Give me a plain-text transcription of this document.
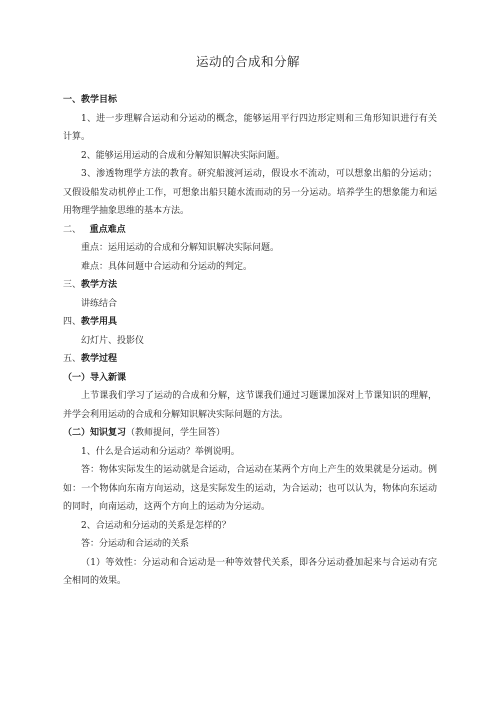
运动的合成和分解

一、教学目标

1、进一步理解合运动和分运动的概念，能够运用平行四边形定则和三角形知识进行有关计算。

2、能够运用运动的合成和分解知识解决实际问题。

3、渗透物理学方法的教育。研究船渡河运动，假设水不流动，可以想象出船的分运动；又假设船发动机停止工作，可想象出船只随水流而动的另一分运动。培养学生的想象能力和运用物理学抽象思维的基本方法。

二、 重点难点

重点：运用运动的合成和分解知识解决实际问题。

难点：具体问题中合运动和分运动的判定。

三、教学方法

讲练结合

四、教学用具

幻灯片、投影仪

五、教学过程

（一）导入新课

上节课我们学习了运动的合成和分解，这节课我们通过习题课加深对上节课知识的理解，并学会利用运动的合成和分解知识解决实际问题的方法。

（二）知识复习（教师提问，学生回答）

1、什么是合运动和分运动？举例说明。

答：物体实际发生的运动就是合运动，合运动在某两个方向上产生的效果就是分运动。例如：一个物体向东南方向运动，这是实际发生的运动，为合运动；也可以认为，物体向东运动的同时，向南运动，这两个方向上的运动为分运动。

2、合运动和分运动的关系是怎样的？

答：分运动和合运动的关系

（1）等效性：分运动和合运动是一种等效替代关系，即各分运动叠加起来与合运动有完全相同的效果。
